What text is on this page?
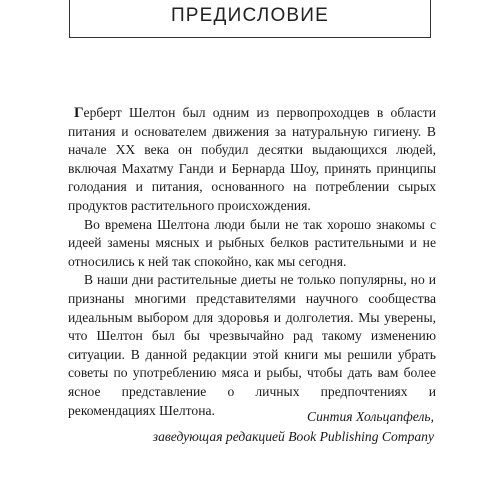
ПРЕДИСЛОВИЕ

Герберт Шелтон был одним из первопроходцев в области питания и основателем движения за натуральную гигиену. В начале XX века он побудил десятки выдающихся людей, включая Махатму Ганди и Бернарда Шоу, принять принципы голодания и питания, основанного на потреблении сырых продуктов растительного происхождения.

Во времена Шелтона люди были не так хорошо знакомы с идеей замены мясных и рыбных белков растительными и не относились к ней так спокойно, как мы сегодня.

В наши дни растительные диеты не только популярны, но и признаны многими представителями научного сообщества идеальным выбором для здоровья и долголетия. Мы уверены, что Шелтон был бы чрезвычайно рад такому изменению ситуации. В данной редакции этой книги мы решили убрать советы по употреблению мяса и рыбы, чтобы дать вам более ясное представление о личных предпочтениях и рекомендациях Шелтона.	Синтия Хольцапфель,
заведующая редакцией Book Publishing Company
